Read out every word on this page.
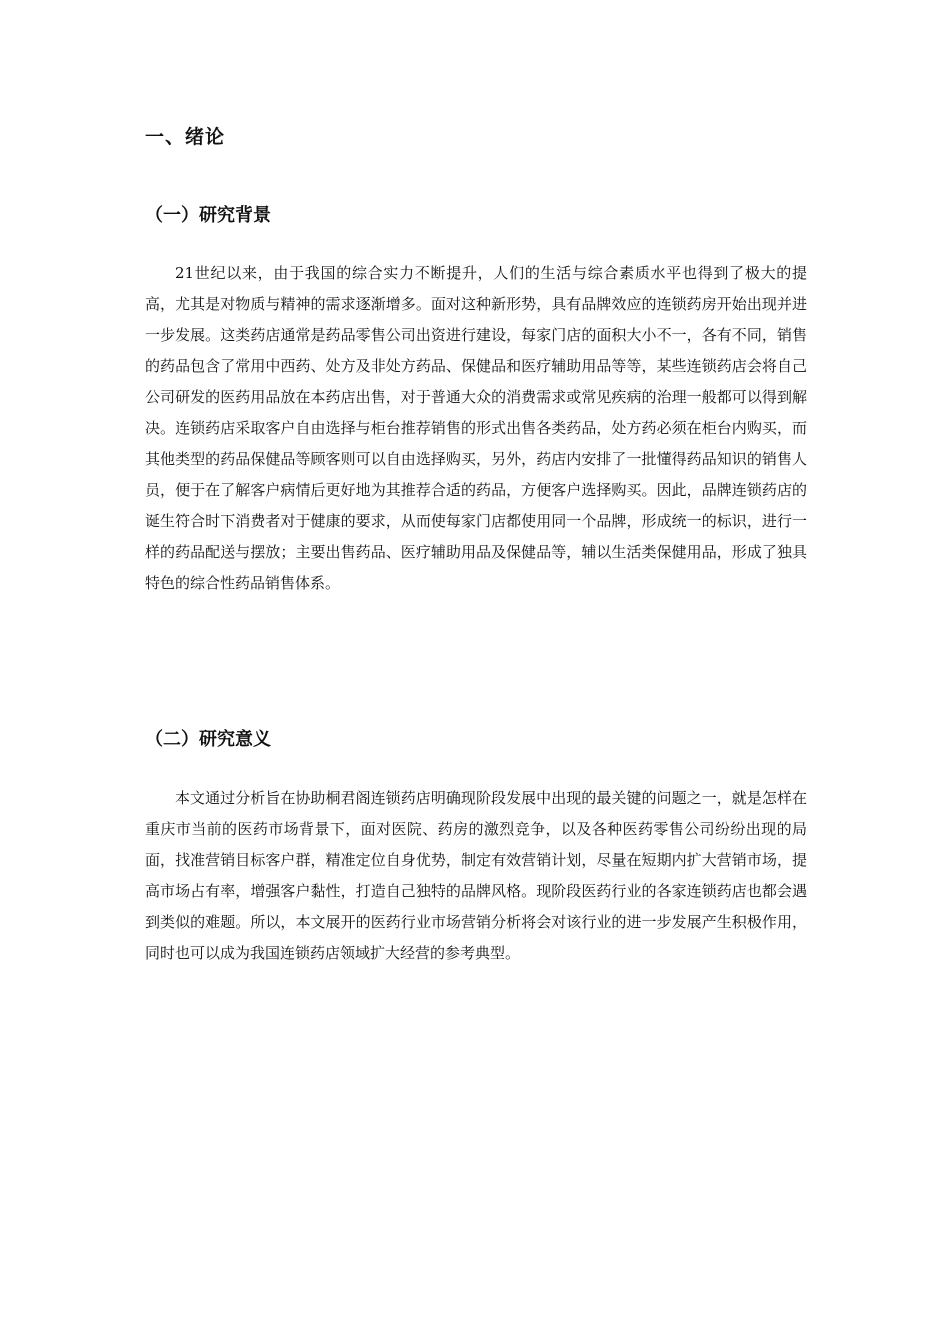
一、绪论
（一）研究背景

21世纪以来，由于我国的综合实力不断提升，人们的生活与综合素质水平也得到了极大的提高，尤其是对物质与精神的需求逐渐增多。面对这种新形势，具有品牌效应的连锁药房开始出现并进一步发展。这类药店通常是药品零售公司出资进行建设，每家门店的面积大小不一，各有不同，销售的药品包含了常用中西药、处方及非处方药品、保健品和医疗辅助用品等等，某些连锁药店会将自己公司研发的医药用品放在本药店出售，对于普通大众的消费需求或常见疾病的治理一般都可以得到解决。连锁药店采取客户自由选择与柜台推荐销售的形式出售各类药品，处方药必须在柜台内购买，而其他类型的药品保健品等顾客则可以自由选择购买，另外，药店内安排了一批懂得药品知识的销售人员，便于在了解客户病情后更好地为其推荐合适的药品，方便客户选择购买。因此，品牌连锁药店的诞生符合时下消费者对于健康的要求，从而使每家门店都使用同一个品牌，形成统一的标识，进行一样的药品配送与摆放；主要出售药品、医疗辅助用品及保健品等，辅以生活类保健用品，形成了独具特色的综合性药品销售体系。

（二）研究意义

本文通过分析旨在协助桐君阁连锁药店明确现阶段发展中出现的最关键的问题之一，就是怎样在重庆市当前的医药市场背景下，面对医院、药房的激烈竞争，以及各种医药零售公司纷纷出现的局面，找准营销目标客户群，精准定位自身优势，制定有效营销计划，尽量在短期内扩大营销市场，提高市场占有率，增强客户黏性，打造自己独特的品牌风格。现阶段医药行业的各家连锁药店也都会遇到类似的难题。所以，本文展开的医药行业市场营销分析将会对该行业的进一步发展产生积极作用，同时也可以成为我国连锁药店领域扩大经营的参考典型。
